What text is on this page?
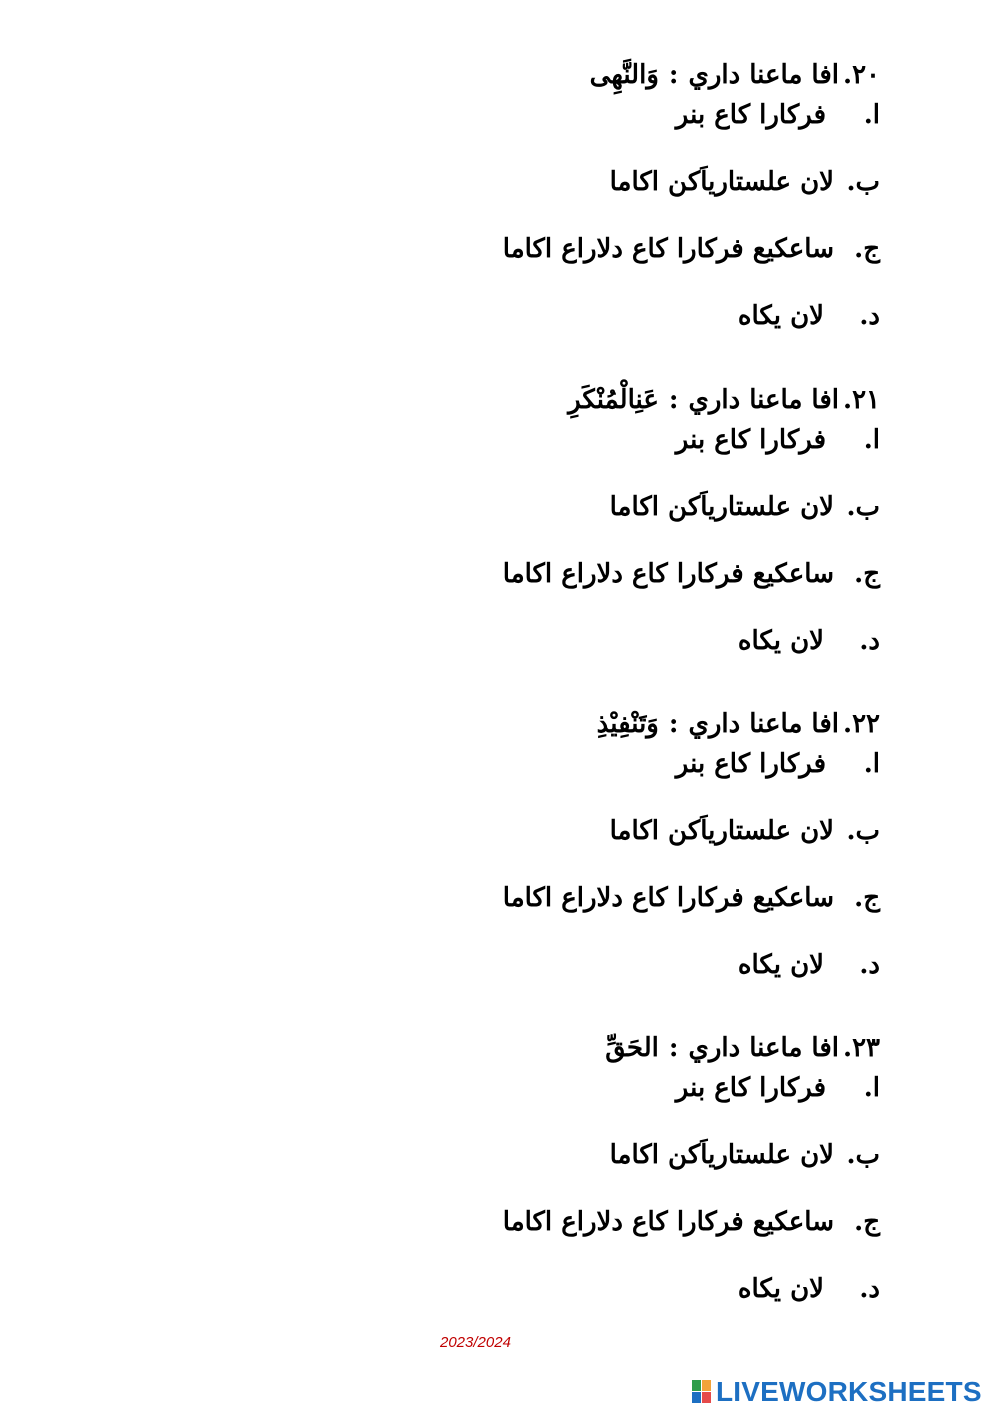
٢٠.افا ماعنا داري:وَالنَّهِى
ا.فركارا كاع بنر
ب.لان علستارياَكن اكاما
ج.ساعكيع فركارا كاع دلاراع اكاما
د.لان يكاه
٢١.افا ماعنا داري:عَنِالْمُنْكَرِ
ا.فركارا كاع بنر
ب.لان علستارياَكن اكاما
ج.ساعكيع فركارا كاع دلاراع اكاما
د.لان يكاه
٢٢.افا ماعنا داري:وَتَنْفِيْذِ
ا.فركارا كاع بنر
ب.لان علستارياَكن اكاما
ج.ساعكيع فركارا كاع دلاراع اكاما
د.لان يكاه
٢٣.افا ماعنا داري:الحَقِّ
ا.فركارا كاع بنر
ب.لان علستارياَكن اكاما
ج.ساعكيع فركارا كاع دلاراع اكاما
د.لان يكاه
2023/2024
LIVEWORKSHEETS
